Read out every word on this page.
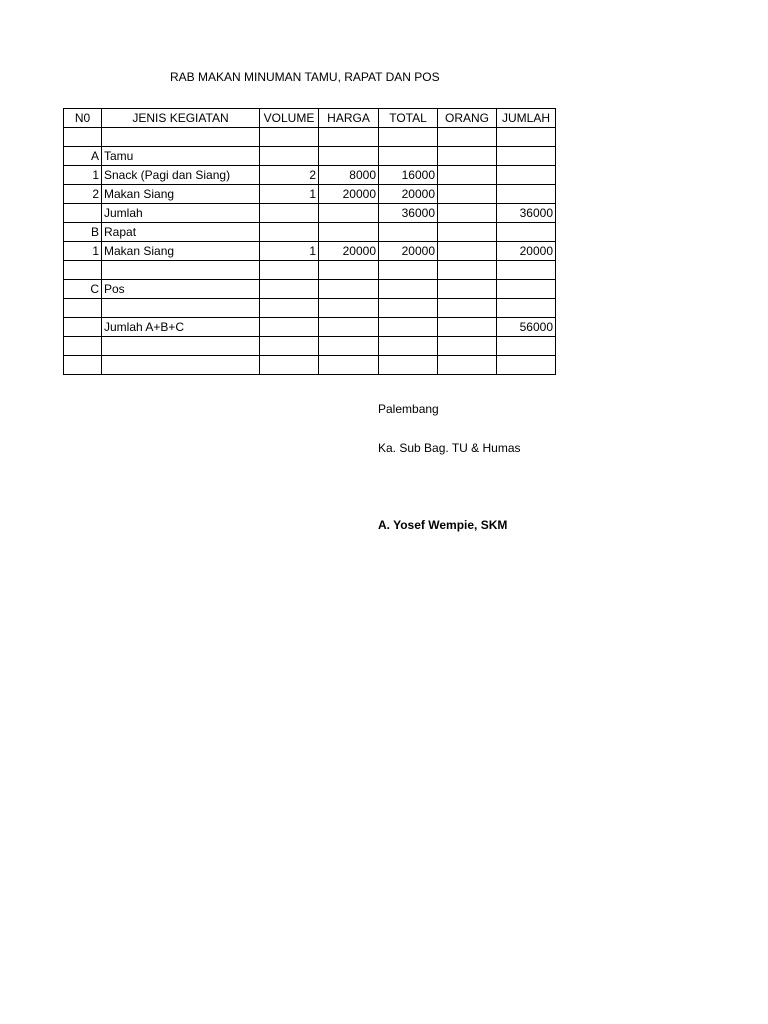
RAB MAKAN MINUMAN TAMU, RAPAT DAN POS
N0	JENIS KEGIATAN	VOLUME	HARGA	TOTAL	ORANG	JUMLAH

A	Tamu					
1	Snack (Pagi dan Siang)	2	8000	16000		
2	Makan Siang	1	20000	20000		
	Jumlah			36000		36000
B	Rapat					
1	Makan Siang	1	20000	20000		20000

C	Pos					

	Jumlah A+B+C					56000

Palembang
Ka. Sub Bag. TU & Humas
A. Yosef Wempie, SKM
